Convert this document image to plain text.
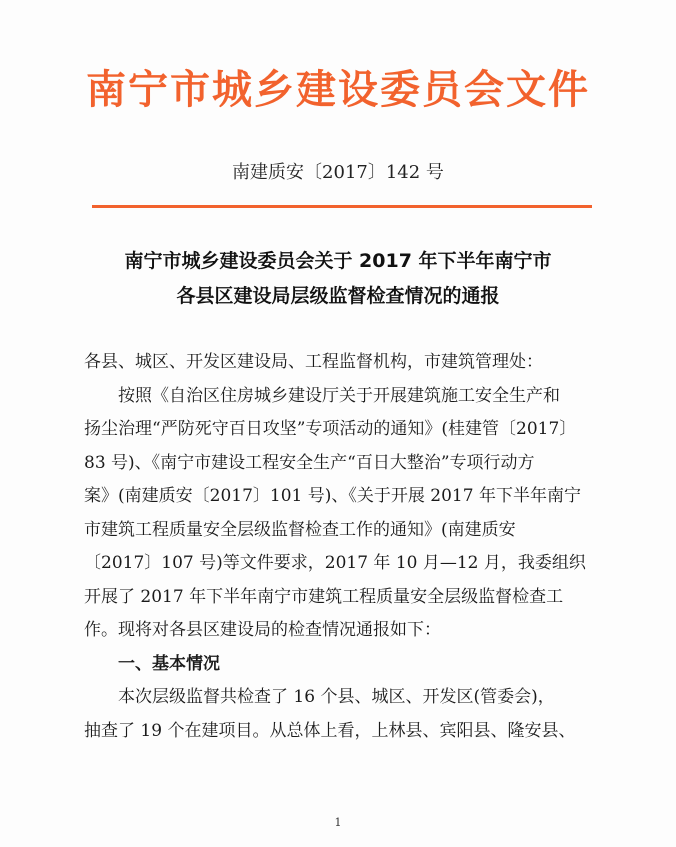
南宁市城乡建设委员会文件
南建质安〔2017〕142 号
南宁市城乡建设委员会关于 2017 年下半年南宁市
各县区建设局层级监督检查情况的通报

各县、城区、开发区建设局、工程监督机构，市建筑管理处：

　　按照《自治区住房城乡建设厅关于开展建筑施工安全生产和

扬尘治理“严防死守百日攻坚”专项活动的通知》(桂建管〔2017〕

83 号)、《南宁市建设工程安全生产“百日大整治”专项行动方

案》(南建质安〔2017〕101 号)、《关于开展 2017 年下半年南宁

市建筑工程质量安全层级监督检查工作的通知》(南建质安

〔2017〕107 号)等文件要求，2017 年 10 月—12 月，我委组织

开展了 2017 年下半年南宁市建筑工程质量安全层级监督检查工

作。现将对各县区建设局的检查情况通报如下：

　　一、基本情况

　　本次层级监督共检查了 16 个县、城区、开发区(管委会)，

抽查了 19 个在建项目。从总体上看，上林县、宾阳县、隆安县、

1
